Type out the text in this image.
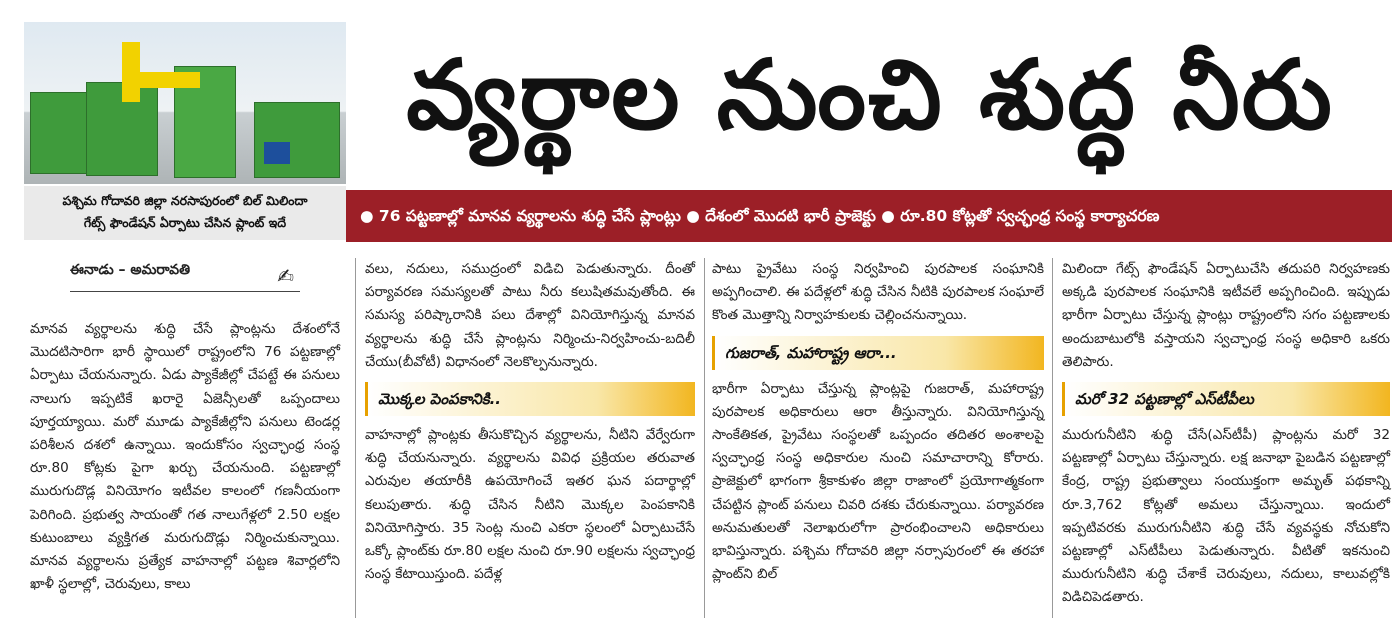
పశ్చిమ గోదావరి జిల్లా నరసాపురంలో బిల్ మిలిందా
గేట్స్ ఫౌండేషన్ ఏర్పాటు చేసిన ప్లాంట్ ఇదే
వ్యర్థాల నుంచి శుద్ధ నీరు
● 76 పట్టణాల్లో మానవ వ్యర్థాలను శుద్ధి చేసే ప్లాంట్లు ● దేశంలో మొదటి భారీ ప్రాజెక్టు ● రూ.80 కోట్లతో స్వచ్ఛంధ్ర సంస్థ కార్యాచరణ
ఈనాడు – అమరావతి	✍

మానవ వ్యర్థాలను శుద్ధి చేసే ప్లాంట్లను దేశంలోనే మొదటిసారిగా భారీ స్థాయిలో రాష్ట్రంలోని 76 పట్టణాల్లో ఏర్పాటు చేయనున్నారు. ఏడు ప్యాకేజీల్లో చేపట్టే ఈ పనులు నాలుగు ఇప్పటికే ఖరారై ఏజెన్సీలతో ఒప్పందాలు పూర్తయ్యాయి. మరో మూడు ప్యాకేజీల్లోని పనులు టెండర్ల పరిశీలన దశలో ఉన్నాయి. ఇందుకోసం స్వచ్ఛాంధ్ర సంస్థ రూ.80 కోట్లకు పైగా ఖర్చు చేయనుంది. పట్టణాల్లో మురుగుదొడ్ల వినియోగం ఇటీవల కాలంలో గణనీయంగా పెరిగింది. ప్రభుత్వ సాయంతో గత నాలుగేళ్లలో 2.50 లక్షల కుటుంబాలు వ్యక్తిగత మరుగుదొడ్లు నిర్మించుకున్నాయి. మానవ వ్యర్థాలను ప్రత్యేక వాహనాల్లో పట్టణ శివార్లలోని ఖాళీ స్థలాల్లో, చెరువులు, కాలు

వలు, నదులు, సముద్రంలో విడిచి పెడుతున్నారు. దీంతో పర్యావరణ సమస్యలతో పాటు నీరు కలుషితమవుతోంది. ఈ సమస్య పరిష్కారానికి పలు దేశాల్లో వినియోగిస్తున్న మానవ వ్యర్థాలను శుద్ధి చేసే ప్లాంట్లను నిర్మించు-నిర్వహించు-బదిలీ చేయు(బీవోటీ) విధానంలో నెలకొల్పనున్నారు.

మొక్కల పెంపకానికి..

వాహనాల్లో ప్లాంట్లకు తీసుకొచ్చిన వ్యర్థాలను, నీటిని వేర్వేరుగా శుద్ధి చేయనున్నారు. వ్యర్థాలను వివిధ ప్రక్రియల తరువాత ఎరువుల తయారీకి ఉపయోగించే ఇతర ఘన పదార్థాల్లో కలుపుతారు. శుద్ధి చేసిన నీటిని మొక్కల పెంపకానికి వినియోగిస్తారు. 35 సెంట్ల నుంచి ఎకరా స్థలంలో ఏర్పాటుచేసే ఒక్కో ప్లాంట్‌కు రూ.80 లక్షల నుంచి రూ.90 లక్షలను స్వచ్ఛాంధ్ర సంస్థ కేటాయిస్తుంది. పదేళ్ల

పాటు ప్రైవేటు సంస్థ నిర్వహించి పురపాలక సంఘానికి అప్పగించాలి. ఈ పదేళ్లలో శుద్ధి చేసిన నీటికి పురపాలక సంఘాలే కొంత మొత్తాన్ని నిర్వాహకులకు చెల్లించనున్నాయి.

గుజరాత్, మహారాష్ట్ర ఆరా...

భారీగా ఏర్పాటు చేస్తున్న ప్లాంట్లపై గుజరాత్, మహారాష్ట్ర పురపాలక అధికారులు ఆరా తీస్తున్నారు. వినియోగిస్తున్న సాంకేతికత, ప్రైవేటు సంస్థలతో ఒప్పందం తదితర అంశాలపై స్వచ్ఛాంధ్ర సంస్థ అధికారుల నుంచి సమాచారాన్ని కోరారు. ప్రాజెక్టులో భాగంగా శ్రీకాకుళం జిల్లా రాజాంలో ప్రయోగాత్మకంగా చేపట్టిన ప్లాంట్ పనులు చివరి దశకు చేరుకున్నాయి. పర్యావరణ అనుమతులతో నెలాఖరులోగా ప్రారంభించాలని అధికారులు భావిస్తున్నారు. పశ్చిమ గోదావరి జిల్లా నర్సాపురంలో ఈ తరహా ప్లాంట్‌ని బిల్

మిలిందా గేట్స్ ఫౌండేషన్ ఏర్పాటుచేసి తదుపరి నిర్వహణకు అక్కడి పురపాలక సంఘానికి ఇటీవలే అప్పగించింది. ఇప్పుడు భారీగా ఏర్పాటు చేస్తున్న ప్లాంట్లు రాష్ట్రంలోని సగం పట్టణాలకు అందుబాటులోకి వస్తాయని స్వచ్ఛాంధ్ర సంస్థ అధికారి ఒకరు తెలిపారు.

మరో 32 పట్టణాల్లో ఎస్‌టీపీలు

మురుగునీటిని శుద్ధి చేసే(ఎస్‌టీపీ) ప్లాంట్లను మరో 32 పట్టణాల్లో ఏర్పాటు చేస్తున్నారు. లక్ష జనాభా పైబడిన పట్టణాల్లో కేంద్ర, రాష్ట్ర ప్రభుత్వాలు సంయుక్తంగా అమృత్ పథకాన్ని రూ.3,762 కోట్లతో అమలు చేస్తున్నాయి. ఇందులో ఇప్పటివరకు మురుగునీటిని శుద్ధి చేసే వ్యవస్థకు నోచుకోని పట్టణాల్లో ఎస్‌టీపీలు పెడుతున్నారు. వీటితో ఇకనుంచి మురుగునీటిని శుద్ధి చేశాకే చెరువులు, నదులు, కాలువల్లోకి విడిచిపెడతారు.
